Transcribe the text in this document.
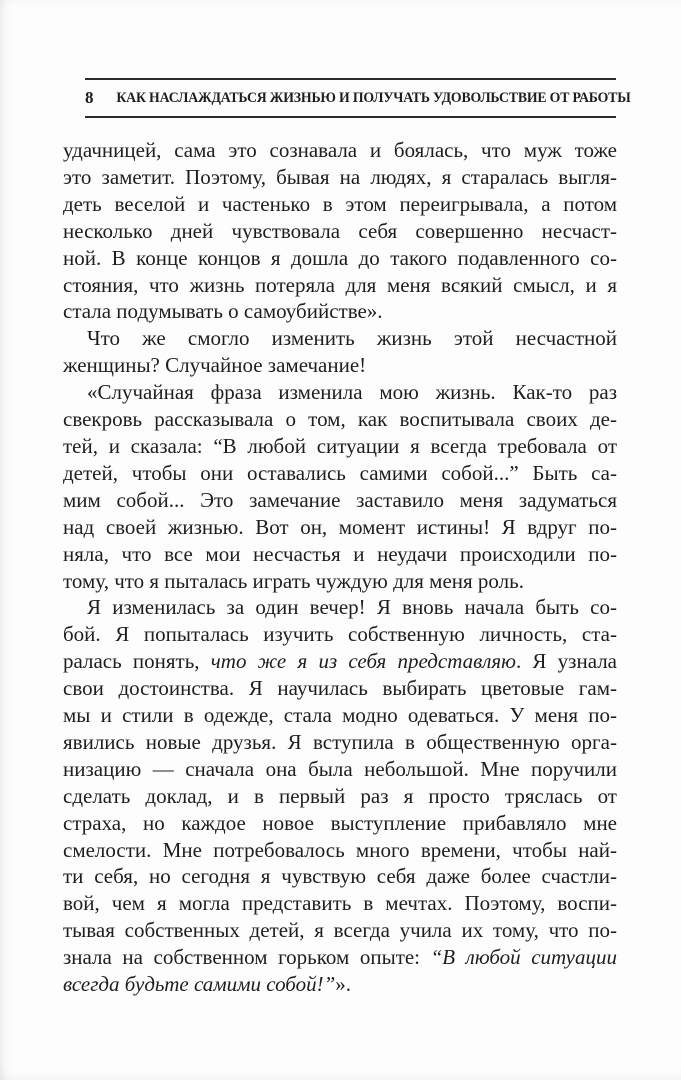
8 КАК НАСЛАЖДАТЬСЯ ЖИЗНЬЮ И ПОЛУЧАТЬ УДОВОЛЬСТВИЕ ОТ РАБОТЫ
удачницей, сама это сознавала и боялась, что муж тоже
это заметит. Поэтому, бывая на людях, я старалась выгля-
деть веселой и частенько в этом переигрывала, а потом
несколько дней чувствовала себя совершенно несчаст-
ной. В конце концов я дошла до такого подавленного со-
стояния, что жизнь потеряла для меня всякий смысл, и я
стала подумывать о самоубийстве».
Что же смогло изменить жизнь этой несчастной
женщины? Случайное замечание!
«Случайная фраза изменила мою жизнь. Как-то раз
свекровь рассказывала о том, как воспитывала своих де-
тей, и сказала: “В любой ситуации я всегда требовала от
детей, чтобы они оставались самими собой...” Быть са-
мим собой... Это замечание заставило меня задуматься
над своей жизнью. Вот он, момент истины! Я вдруг по-
няла, что все мои несчастья и неудачи происходили по-
тому, что я пыталась играть чуждую для меня роль.
Я изменилась за один вечер! Я вновь начала быть со-
бой. Я попыталась изучить собственную личность, ста-
ралась понять, что же я из себя представляю. Я узнала
свои достоинства. Я научилась выбирать цветовые гам-
мы и стили в одежде, стала модно одеваться. У меня по-
явились новые друзья. Я вступила в общественную орга-
низацию — сначала она была небольшой. Мне поручили
сделать доклад, и в первый раз я просто тряслась от
страха, но каждое новое выступление прибавляло мне
смелости. Мне потребовалось много времени, чтобы най-
ти себя, но сегодня я чувствую себя даже более счастли-
вой, чем я могла представить в мечтах. Поэтому, воспи-
тывая собственных детей, я всегда учила их тому, что по-
знала на собственном горьком опыте: “В любой ситуации
всегда будьте самими собой!”».
